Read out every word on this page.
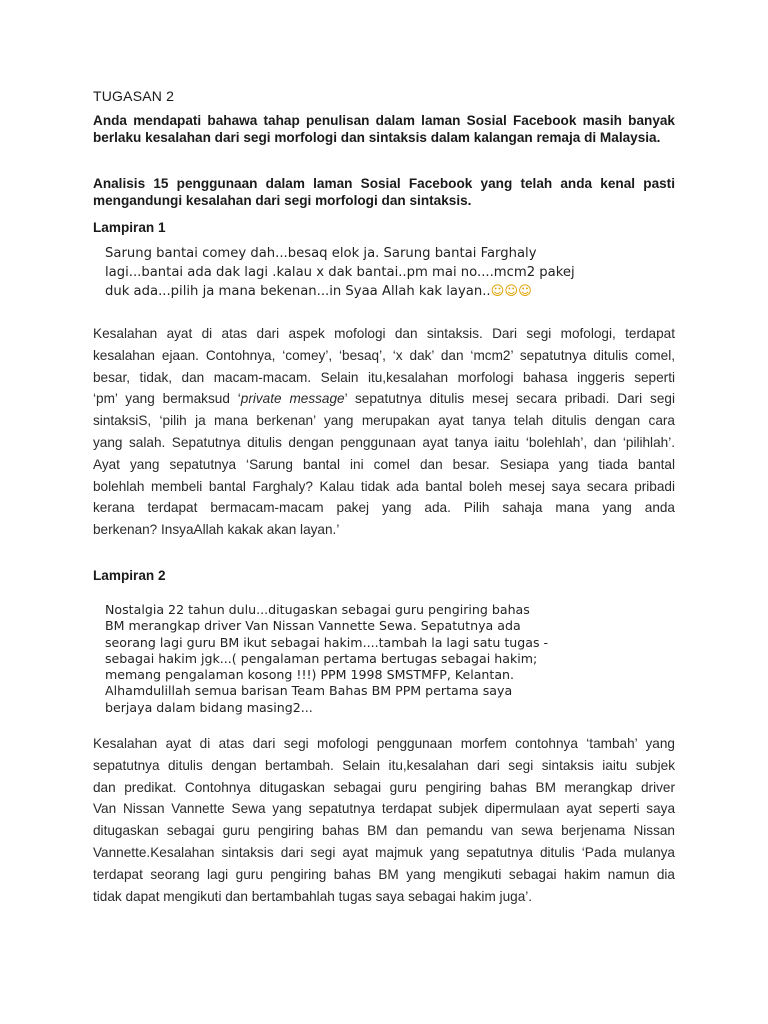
TUGASAN 2

Anda mendapati bahawa tahap penulisan dalam laman Sosial Facebook masih banyak berlaku kesalahan dari segi morfologi dan sintaksis dalam kalangan remaja di Malaysia.

Analisis 15 penggunaan dalam laman Sosial Facebook yang telah anda kenal pasti mengandungi kesalahan dari segi morfologi dan sintaksis.

Lampiran 1
Sarung bantai comey dah...besaq elok ja. Sarung bantai Farghaly
lagi...bantai ada dak lagi .kalau x dak bantai..pm mai no....mcm2 pakej
duk ada...pilih ja mana bekenan...in Syaa Allah kak layan..☺☺☺
Kesalahan ayat di atas dari aspek mofologi dan sintaksis. Dari segi mofologi, terdapat
kesalahan ejaan. Contohnya, ‘comey’, ‘besaq’, ‘x dak’ dan ‘mcm2’ sepatutnya ditulis comel,
besar, tidak, dan macam-macam. Selain itu,kesalahan morfologi bahasa inggeris seperti
‘pm’ yang bermaksud ‘private message’ sepatutnya ditulis mesej secara pribadi. Dari segi
sintaksiS, ‘pilih ja mana berkenan’ yang merupakan ayat tanya telah ditulis dengan cara
yang salah. Sepatutnya ditulis dengan penggunaan ayat tanya iaitu ‘bolehlah’, dan ‘pilihlah’.
Ayat yang sepatutnya ‘Sarung bantal ini comel dan besar. Sesiapa yang tiada bantal
bolehlah membeli bantal Farghaly? Kalau tidak ada bantal boleh mesej saya secara pribadi
kerana terdapat bermacam-macam pakej yang ada. Pilih sahaja mana yang anda
berkenan? InsyaAllah kakak akan layan.’
Lampiran 2
Nostalgia 22 tahun dulu...ditugaskan sebagai guru pengiring bahas
BM merangkap driver Van Nissan Vannette Sewa. Sepatutnya ada
seorang lagi guru BM ikut sebagai hakim....tambah la lagi satu tugas -
sebagai hakim jgk...( pengalaman pertama bertugas sebagai hakim;
memang pengalaman kosong !!!) PPM 1998 SMSTMFP, Kelantan.
Alhamdulillah semua barisan Team Bahas BM PPM pertama saya
berjaya dalam bidang masing2...
Kesalahan ayat di atas dari segi mofologi penggunaan morfem contohnya ‘tambah’ yang
sepatutnya ditulis dengan bertambah. Selain itu,kesalahan dari segi sintaksis iaitu subjek
dan predikat. Contohnya ditugaskan sebagai guru pengiring bahas BM merangkap driver
Van Nissan Vannette Sewa yang sepatutnya terdapat subjek dipermulaan ayat seperti saya
ditugaskan sebagai guru pengiring bahas BM dan pemandu van sewa berjenama Nissan
Vannette.Kesalahan sintaksis dari segi ayat majmuk yang sepatutnya ditulis ‘Pada mulanya
terdapat seorang lagi guru pengiring bahas BM yang mengikuti sebagai hakim namun dia
tidak dapat mengikuti dan bertambahlah tugas saya sebagai hakim juga’.
